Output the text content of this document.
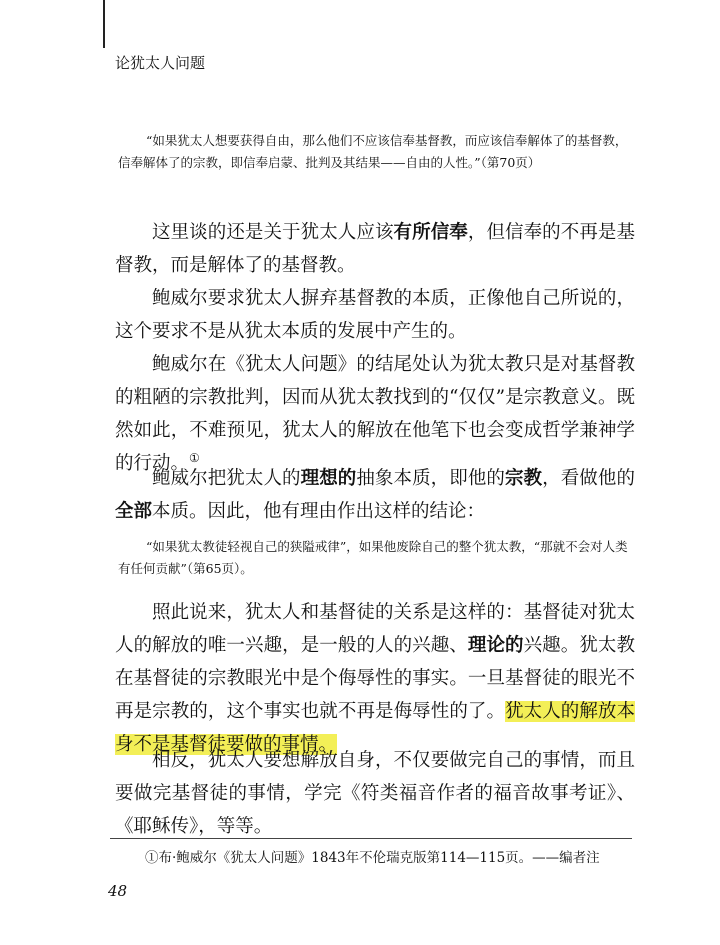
论犹太人问题
“如果犹太人想要获得自由，那么他们不应该信奉基督教，而应该信奉解体了的基督教，信奉解体了的宗教，即信奉启蒙、批判及其结果——自由的人性。”（第70页）
这里谈的还是关于犹太人应该有所信奉，但信奉的不再是基督教，而是解体了的基督教。
鲍威尔要求犹太人摒弃基督教的本质，正像他自己所说的，这个要求不是从犹太本质的发展中产生的。
鲍威尔在《犹太人问题》的结尾处认为犹太教只是对基督教的粗陋的宗教批判，因而从犹太教找到的“仅仅”是宗教意义。既然如此，不难预见，犹太人的解放在他笔下也会变成哲学兼神学的行动。①
鲍威尔把犹太人的理想的抽象本质，即他的宗教，看做他的全部本质。因此，他有理由作出这样的结论：
“如果犹太教徒轻视自己的狭隘戒律”，如果他废除自己的整个犹太教，“那就不会对人类有任何贡献”（第65页）。
照此说来，犹太人和基督徒的关系是这样的：基督徒对犹太人的解放的唯一兴趣，是一般的人的兴趣、理论的兴趣。犹太教在基督徒的宗教眼光中是个侮辱性的事实。一旦基督徒的眼光不再是宗教的，这个事实也就不再是侮辱性的了。犹太人的解放本身不是基督徒要做的事情。
相反，犹太人要想解放自身，不仅要做完自己的事情，而且要做完基督徒的事情，学完《符类福音作者的福音故事考证》、《耶稣传》，等等。
①布·鲍威尔《犹太人问题》1843年不伦瑞克版第114—115页。——编者注
48
